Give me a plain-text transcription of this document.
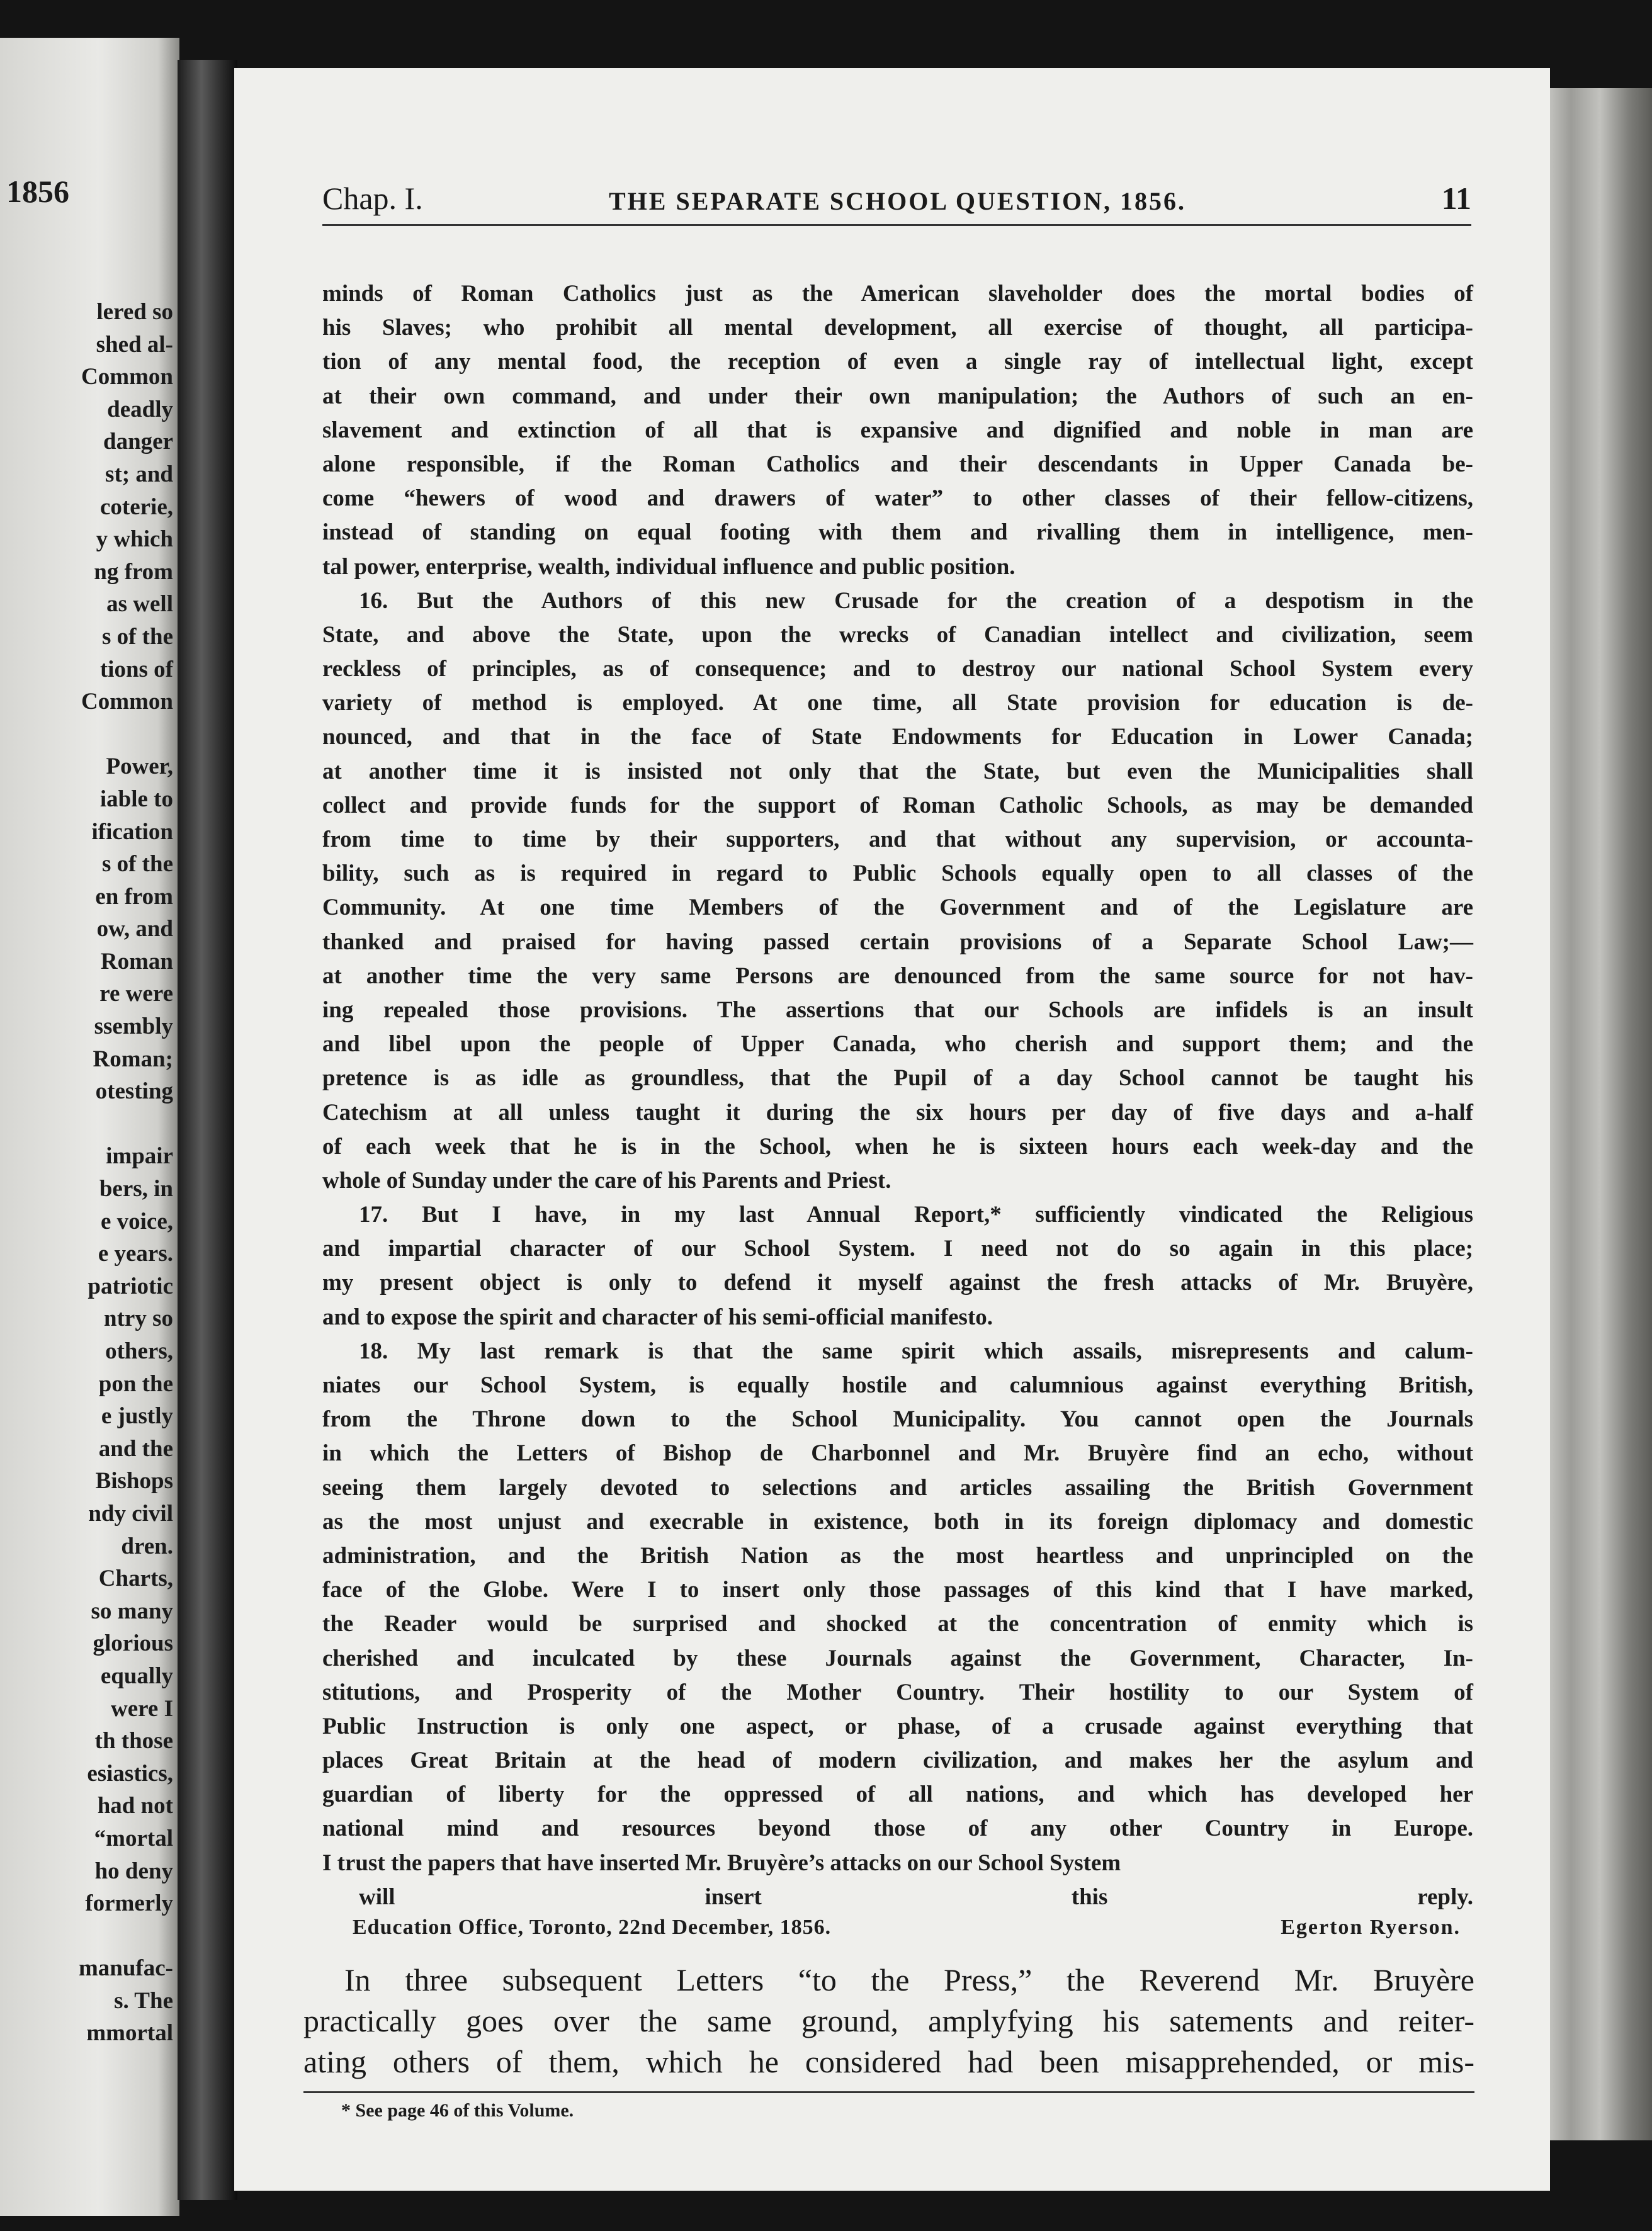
1856
lered so
shed al-
Common
deadly
danger
st; and
coterie,
y which
ng from
as well
s of the
tions of
Common
Power,
iable to
ification
s of the
en from
ow, and
Roman
re were
ssembly
Roman;
otesting
impair
bers, in
e voice,
e years.
patriotic
ntry so
others,
pon the
e justly
and the
Bishops
ndy civil
dren.
Charts,
so many
glorious
equally
were I
th those
esiastics,
had not
“mortal
ho deny
formerly
manufac-
s. The
mmortal
Chap. I.	THE SEPARATE SCHOOL QUESTION, 1856.	11
minds of Roman Catholics just as the American slaveholder does the mortal bodies of
his Slaves; who prohibit all mental development, all exercise of thought, all participa-
tion of any mental food, the reception of even a single ray of intellectual light, except
at their own command, and under their own manipulation; the Authors of such an en-
slavement and extinction of all that is expansive and dignified and noble in man are
alone responsible, if the Roman Catholics and their descendants in Upper Canada be-
come “hewers of wood and drawers of water” to other classes of their fellow-citizens,
instead of standing on equal footing with them and rivalling them in intelligence, men-
tal power, enterprise, wealth, individual influence and public position.
16. But the Authors of this new Crusade for the creation of a despotism in the
State, and above the State, upon the wrecks of Canadian intellect and civilization, seem
reckless of principles, as of consequence; and to destroy our national School System every
variety of method is employed. At one time, all State provision for education is de-
nounced, and that in the face of State Endowments for Education in Lower Canada;
at another time it is insisted not only that the State, but even the Municipalities shall
collect and provide funds for the support of Roman Catholic Schools, as may be demanded
from time to time by their supporters, and that without any supervision, or accounta-
bility, such as is required in regard to Public Schools equally open to all classes of the
Community. At one time Members of the Government and of the Legislature are
thanked and praised for having passed certain provisions of a Separate School Law;—
at another time the very same Persons are denounced from the same source for not hav-
ing repealed those provisions. The assertions that our Schools are infidels is an insult
and libel upon the people of Upper Canada, who cherish and support them; and the
pretence is as idle as groundless, that the Pupil of a day School cannot be taught his
Catechism at all unless taught it during the six hours per day of five days and a-half
of each week that he is in the School, when he is sixteen hours each week-day and the
whole of Sunday under the care of his Parents and Priest.
17. But I have, in my last Annual Report,* sufficiently vindicated the Religious
and impartial character of our School System. I need not do so again in this place;
my present object is only to defend it myself against the fresh attacks of Mr. Bruyère,
and to expose the spirit and character of his semi-official manifesto.
18. My last remark is that the same spirit which assails, misrepresents and calum-
niates our School System, is equally hostile and calumnious against everything British,
from the Throne down to the School Municipality. You cannot open the Journals
in which the Letters of Bishop de Charbonnel and Mr. Bruyère find an echo, without
seeing them largely devoted to selections and articles assailing the British Government
as the most unjust and execrable in existence, both in its foreign diplomacy and domestic
administration, and the British Nation as the most heartless and unprincipled on the
face of the Globe. Were I to insert only those passages of this kind that I have marked,
the Reader would be surprised and shocked at the concentration of enmity which is
cherished and inculcated by these Journals against the Government, Character, In-
stitutions, and Prosperity of the Mother Country. Their hostility to our System of
Public Instruction is only one aspect, or phase, of a crusade against everything that
places Great Britain at the head of modern civilization, and makes her the asylum and
guardian of liberty for the oppressed of all nations, and which has developed her
national mind and resources beyond those of any other Country in Europe.
I trust the papers that have inserted Mr. Bruyère’s attacks on our School System
will insert this reply.
Education Office, Toronto, 22nd December, 1856.	Egerton Ryerson.
In three subsequent Letters “to the Press,” the Reverend Mr. Bruyère
practically goes over the same ground, amplyfying his satements and reiter-
ating others of them, which he considered had been misapprehended, or mis-
* See page 46 of this Volume.
